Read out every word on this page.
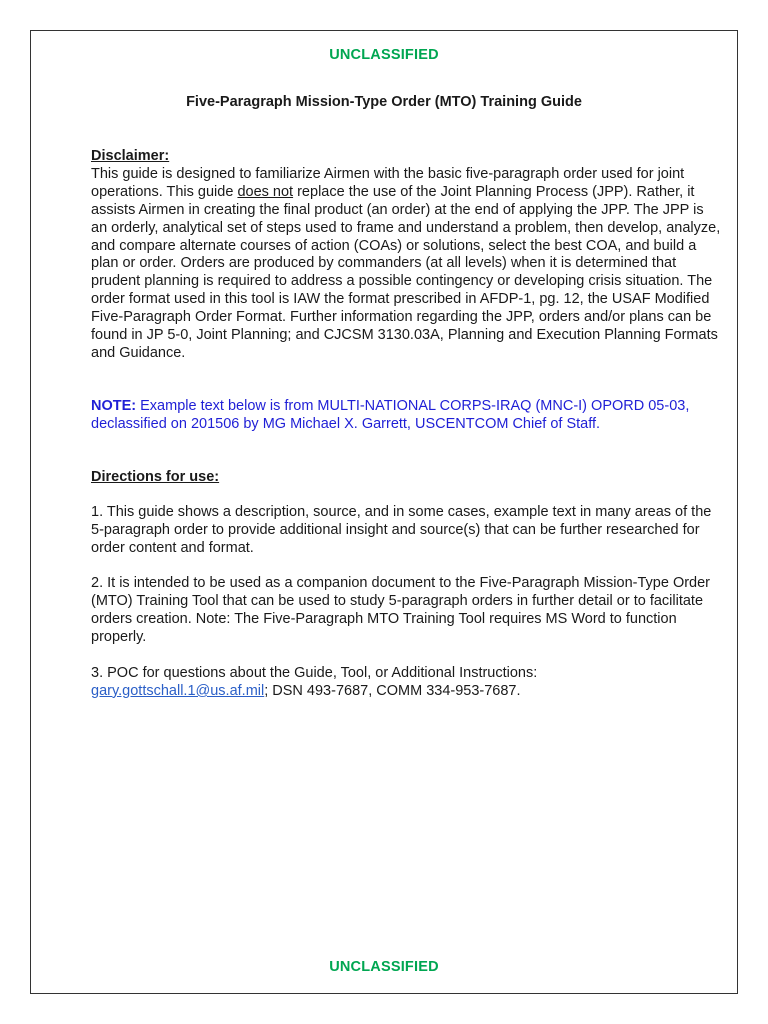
UNCLASSIFIED
Five-Paragraph Mission-Type Order (MTO) Training Guide
Disclaimer:
This guide is designed to familiarize Airmen with the basic five-paragraph order used for joint operations. This guide does not replace the use of the Joint Planning Process (JPP). Rather, it assists Airmen in creating the final product (an order) at the end of applying the JPP. The JPP is an orderly, analytical set of steps used to frame and understand a problem, then develop, analyze, and compare alternate courses of action (COAs) or solutions, select the best COA, and build a plan or order. Orders are produced by commanders (at all levels) when it is determined that prudent planning is required to address a possible contingency or developing crisis situation. The order format used in this tool is IAW the format prescribed in AFDP-1, pg. 12, the USAF Modified Five-Paragraph Order Format. Further information regarding the JPP, orders and/or plans can be found in JP 5-0, Joint Planning; and CJCSM 3130.03A, Planning and Execution Planning Formats and Guidance.
NOTE: Example text below is from MULTI-NATIONAL CORPS-IRAQ (MNC-I) OPORD 05-03, declassified on 201506 by MG Michael X. Garrett, USCENTCOM Chief of Staff.
Directions for use:
1. This guide shows a description, source, and in some cases, example text in many areas of the 5-paragraph order to provide additional insight and source(s) that can be further researched for order content and format.
2. It is intended to be used as a companion document to the Five-Paragraph Mission-Type Order (MTO) Training Tool that can be used to study 5-paragraph orders in further detail or to facilitate orders creation. Note: The Five-Paragraph MTO Training Tool requires MS Word to function properly.
3. POC for questions about the Guide, Tool, or Additional Instructions:
gary.gottschall.1@us.af.mil; DSN 493-7687, COMM 334-953-7687.
UNCLASSIFIED
